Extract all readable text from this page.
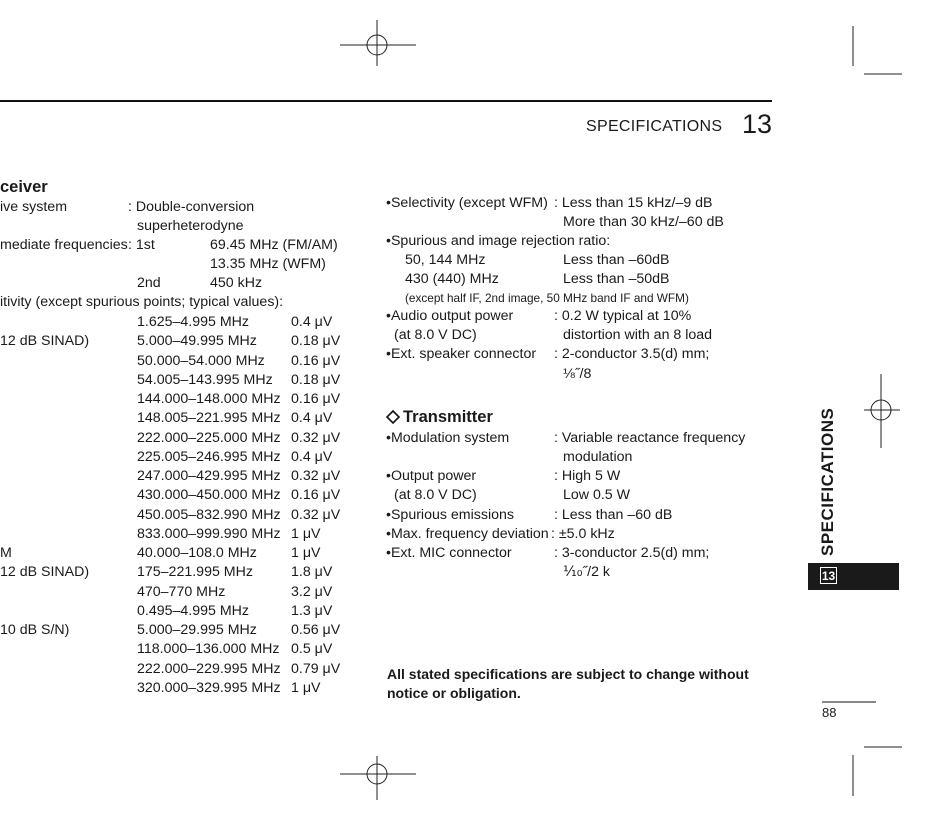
SPECIFICATIONS 13
ceiver
ive system	: Double-conversion
superheterodyne
mediate frequencies : 1st	69.45 MHz (FM/AM)
13.35 MHz (WFM)
2nd	450 kHz
itivity (except spurious points; typical values):
•Selectivity (except WFM) : Less than 15 kHz/–9 dB
More than 30 kHz/–60 dB
•Spurious and image rejection ratio:
50, 144 MHz	Less than –60dB
430 (440) MHz	Less than –50dB
(except half IF, 2nd image, 50 MHz band IF and WFM)
•Audio output power	: 0.2 W typical at 10%
(at 8.0 V DC)	distortion with an 8 load
•Ext. speaker connector : 2-conductor 3.5(d) mm;
⅛˝/8
Transmitter
•Modulation system	: Variable reactance frequency
modulation
•Output power	: High 5 W
(at 8.0 V DC)	Low 0.5 W
•Spurious emissions	: Less than –60 dB
•Max. frequency deviation : ±5.0 kHz
•Ext. MIC connector	: 3-conductor 2.5(d) mm;
⅒˝/2 k
All stated specifications are subject to change without
notice or obligation.
SPECIFICATIONS
13
88
1.625–4.995 MHz	0.4 μV
12 dB SINAD)	5.000–49.995 MHz 0.18 μV
50.000–54.000 MHz 0.16 μV
54.005–143.995 MHz 0.18 μV
144.000–148.000 MHz 0.16 μV
148.005–221.995 MHz 0.4 μV
222.000–225.000 MHz 0.32 μV
225.005–246.995 MHz 0.4 μV
247.000–429.995 MHz 0.32 μV
430.000–450.000 MHz 0.16 μV
450.005–832.990 MHz 0.32 μV
833.000–999.990 MHz 1 μV
M	40.000–108.0 MHz 1 μV
12 dB SINAD)	175–221.995 MHz	1.8 μV
470–770 MHz	3.2 μV
0.495–4.995 MHz	1.3 μV
10 dB S/N)	5.000–29.995 MHz 0.56 μV
118.000–136.000 MHz 0.5 μV
222.000–229.995 MHz 0.79 μV
320.000–329.995 MHz 1 μV
